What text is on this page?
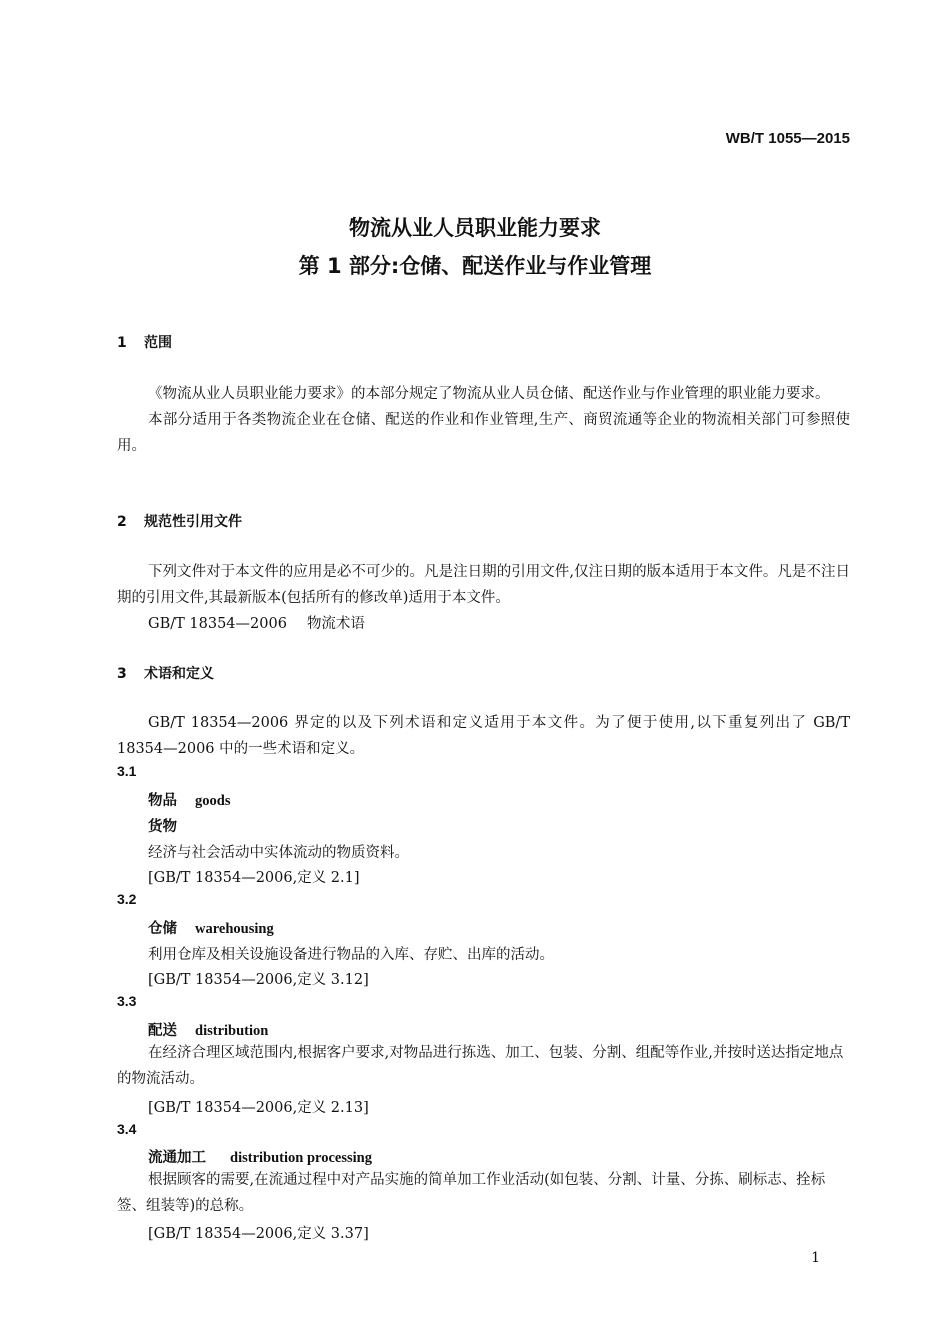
WB/T 1055—2015
物流从业人员职业能力要求
第 1 部分:仓储、配送作业与作业管理
1 范围

《物流从业人员职业能力要求》的本部分规定了物流从业人员仓储、配送作业与作业管理的职业能力要求。

本部分适用于各类物流企业在仓储、配送的作业和作业管理,生产、商贸流通等企业的物流相关部门可参照使用。

2 规范性引用文件

下列文件对于本文件的应用是必不可少的。凡是注日期的引用文件,仅注日期的版本适用于本文件。凡是不注日期的引用文件,其最新版本(包括所有的修改单)适用于本文件。

GB/T 18354—2006 物流术语
3 术语和定义

GB/T 18354—2006 界定的以及下列术语和定义适用于本文件。为了便于使用,以下重复列出了 GB/T 18354—2006 中的一些术语和定义。

3.1
物品 goods
货物
经济与社会活动中实体流动的物质资料。
[GB/T 18354—2006,定义 2.1]
3.2
仓储 warehousing
利用仓库及相关设施设备进行物品的入库、存贮、出库的活动。
[GB/T 18354—2006,定义 3.12]
3.3
配送 distribution

在经济合理区域范围内,根据客户要求,对物品进行拣选、加工、包装、分割、组配等作业,并按时送达指定地点的物流活动。

[GB/T 18354—2006,定义 2.13]
3.4
流通加工 distribution processing

根据顾客的需要,在流通过程中对产品实施的简单加工作业活动(如包装、分割、计量、分拣、刷标志、拴标签、组装等)的总称。

[GB/T 18354—2006,定义 3.37]
1
